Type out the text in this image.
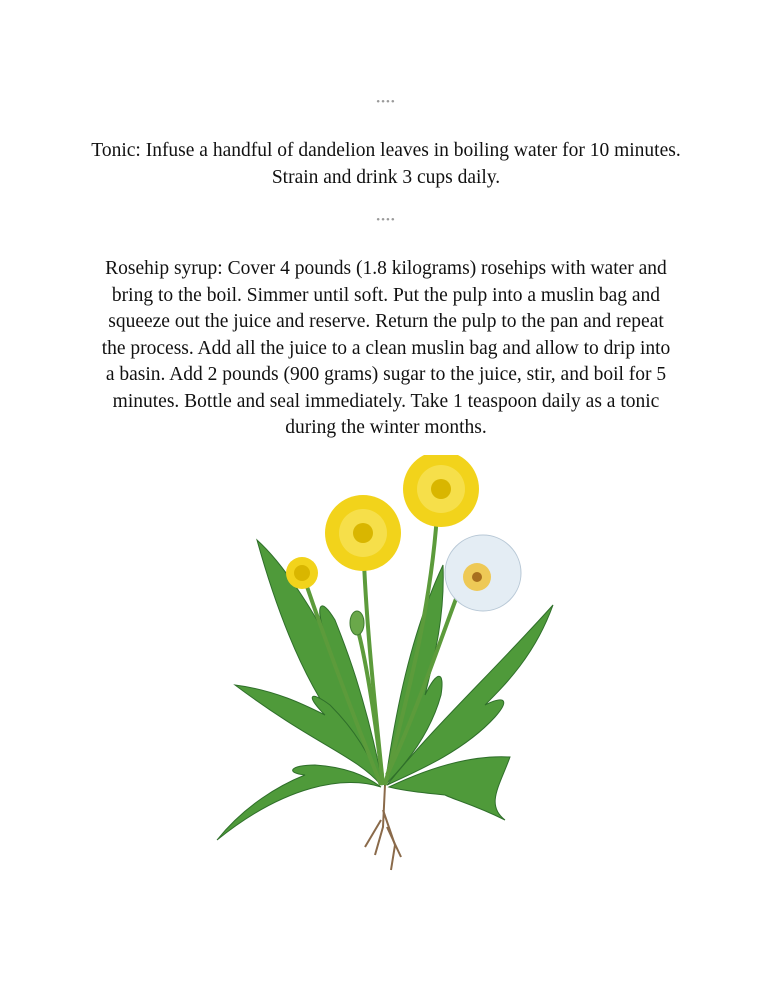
••••
Tonic: Infuse a handful of dandelion leaves in boiling water for 10 minutes. Strain and drink 3 cups daily.
••••
Rosehip syrup: Cover 4 pounds (1.8 kilograms) rosehips with water and bring to the boil. Simmer until soft. Put the pulp into a muslin bag and squeeze out the juice and reserve. Return the pulp to the pan and repeat the process. Add all the juice to a clean muslin bag and allow to drip into a basin. Add 2 pounds (900 grams) sugar to the juice, stir, and boil for 5 minutes. Bottle and seal immediately. Take 1 teaspoon daily as a tonic during the winter months.
